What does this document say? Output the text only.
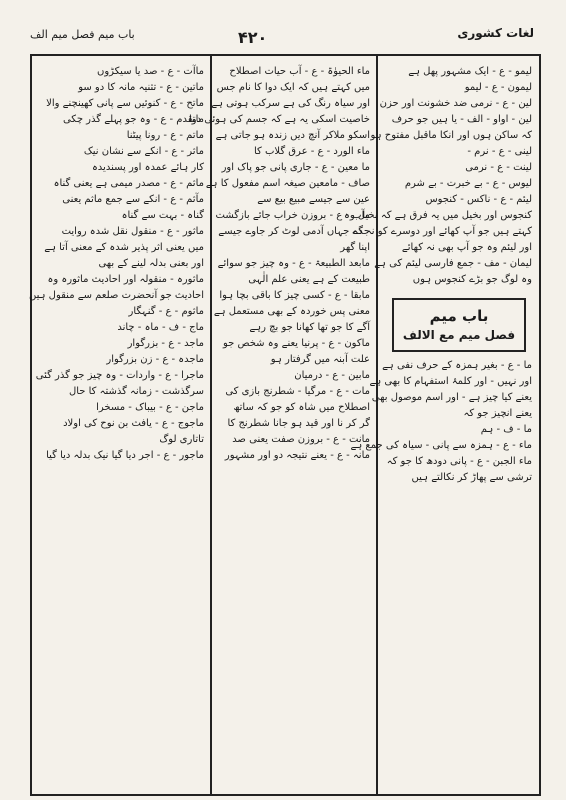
باب میم فصل میم الف	۴۲۰	لغات کشوری
لیمو - ع - ایک مشہور پھل ہے
لیمون - ع - لیمو
لین - ع - نرمی ضد خشونت اور حزن
لین - اواو - الف - یا ہیں جو حرف
کہ ساکن ہوں اور انکا ماقبل مفتوح ہو
لینی - ع - نرم -
لینت - ع - نرمی
لیوس - ع - بے خبرت - بے شرم
لیئم - ع - ناکس - کنجوس
کنجوس اور بخیل میں یہ فرق ہے کہ بخیل وہ
کہتے ہیں جو آپ کھائے اور دوسرے کو نہ دے
اور لیئم وہ جو آپ بھی نہ کھائے
لیمان - مف - جمع فارسی لیئم کی ہے
وہ لوگ جو بڑے کنجوس ہوں
باب میم
فصل میم مع الالف
ما - ع - بغیر ہمزہ کے حرف نفی ہے
اور نہیں - اور کلمۂ استفہام کا بھی ہے
یعنے کیا چیز ہے - اور اسم موصول بھی
یعنے انچیز جو کہ
ما - ف - ہم
ماء - ع - ہمزہ سے پانی - سیاہ کی جمع ہے
ماء الجبن - ع - پانی دودھ کا جو کہ
ترشی سے پھاڑ کر نکالتے ہیں
ماء الحیوٰۃ - ع - آب حیات اصطلاح
میں کہتے ہیں کہ ایک دوا کا نام جس
اور سیاہ رنگ کی ہے سرکب ہوتی ہے
خاصیت اسکی یہ ہے کہ جسم کی ہوئی دوا
اسکو ملاکر آنچ دیں زندہ ہو جاتی ہے
ماء الورد - ع - عرق گلاب کا
ما معین - ع - جاری پانی جو پاک اور
صاف - مامعین صیغہ اسم مفعول کا ہے
عین سے جیسے مبیع بیع سے
مآب - ع - بروزن خراب جائے بازگشت
جگہ جہاں آدمی لوٹ کر جاوے جیسے
اپنا گھر
مابعد الطبیعۃ - ع - وہ چیز جو سوائے
طبیعت کے ہے یعنی علم الٰہی
مابقا - ع - کسی چیز کا باقی بچا ہوا
معنی پس خوردہ کے بھی مستعمل ہے
آگے کا جو تھا کھانا جو بچ رہے
ماکون - ع - پرنیا یعنے وہ شخص جو
علت آبنہ میں گرفتار ہو
مابین - ع - درمیان
مات - ع - مرگیا - شطرنج بازی کی
اصطلاح میں شاہ کو جو کہ ساتھ
گر کر نا اور قید ہو جانا شطرنج کا
مانت - ع - بروزن صفت یعنی صد
مانہ - ع - یعنے نتیجہ دو اور مشہور
ماآت - ع - صد یا سیکڑوں
ماتین - ع - تثنیہ مانہ کا دو سو
ماتح - ع - کنوئیں سے پانی کھینچنے والا
ماتقدم - ع - وہ جو پہلے گذر چکی
ماتم - ع - رونا پیٹنا
ماثر - ع - انکے سے نشان نیک
کار ہائے عمدہ اور پسندیدہ
ماثم - ع - مصدر میمی ہے یعنی گناہ
مآثم - ع - انکے سے جمع ماثم یعنی
گناہ - بہت سے گناہ
ماثور - ع - منقول نقل شدہ روایت
میں یعنی اثر پذیر شدہ کے معنی آتا ہے
اور بعنی بدلہ لینے کے بھی
ماثورہ - منقولہ اور احادیث ماثورہ وہ
احادیث جو آنحضرت صلعم سے منقول ہیں
ماثوم - ع - گنہگار
ماج - ف - ماہ - چاند
ماجد - ع - بزرگوار
ماجدہ - ع - زن بزرگوار
ماجرا - ع - واردات - وہ چیز جو گذر گئی
سرگذشت - زمانہ گذشتہ کا حال
ماجن - ع - بیباک - مسخرا
ماجوج - ع - یافث بن نوح کی اولاد
تاتاری لوگ
ماجور - ع - اجر دیا گیا نیک بدلہ دیا گیا
